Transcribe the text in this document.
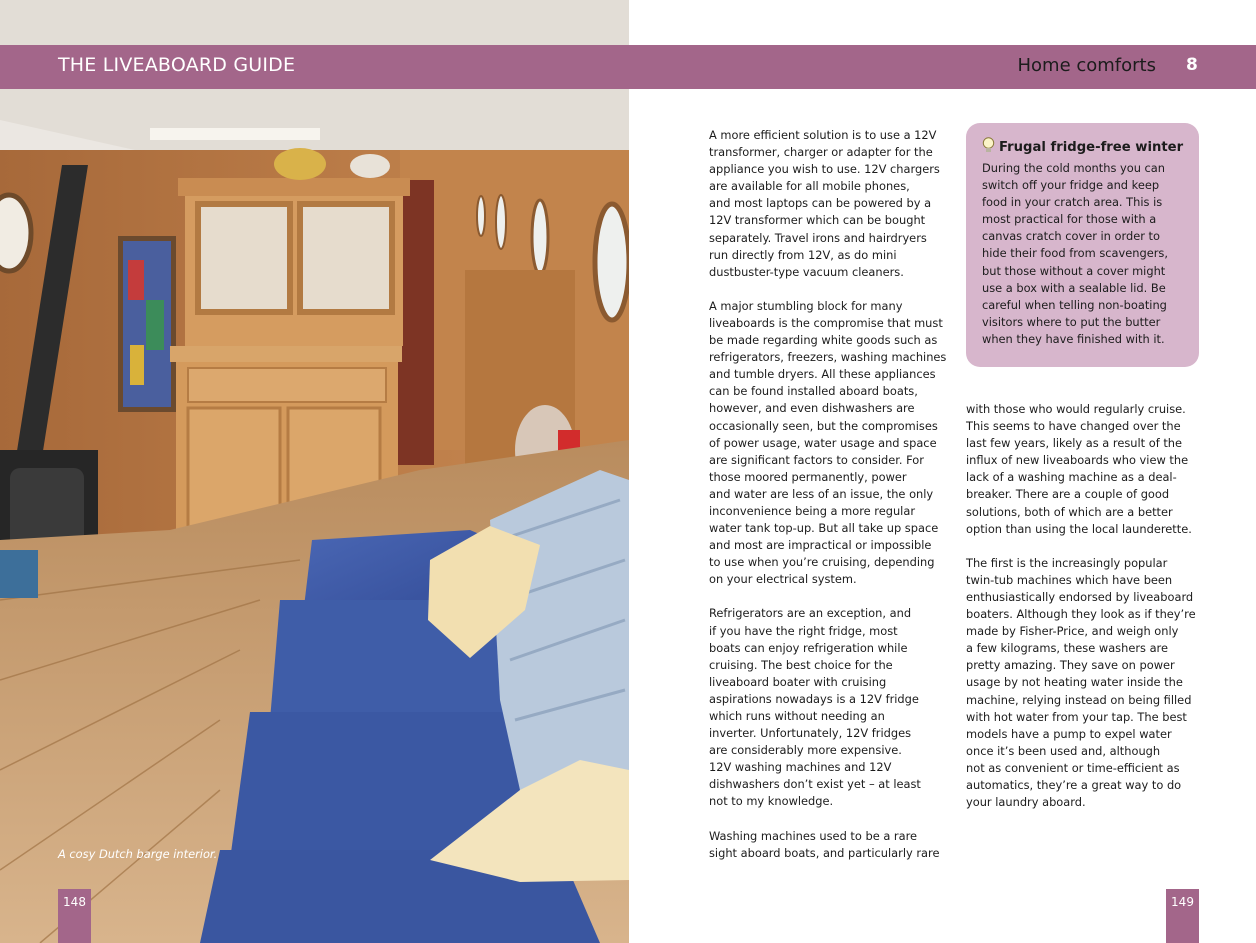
THE LIVEABOARD GUIDE	Home comforts 8
A cosy Dutch barge interior.

A more efficient solution is to use a 12V
transformer, charger or adapter for the
appliance you wish to use. 12V chargers
are available for all mobile phones,
and most laptops can be powered by a
12V transformer which can be bought
separately. Travel irons and hairdryers
run directly from 12V, as do mini
dustbuster-type vacuum cleaners.

A major stumbling block for many
liveaboards is the compromise that must
be made regarding white goods such as
refrigerators, freezers, washing machines
and tumble dryers. All these appliances
can be found installed aboard boats,
however, and even dishwashers are
occasionally seen, but the compromises
of power usage, water usage and space
are significant factors to consider. For
those moored permanently, power
and water are less of an issue, the only
inconvenience being a more regular
water tank top-up. But all take up space
and most are impractical or impossible
to use when you’re cruising, depending
on your electrical system.

Refrigerators are an exception, and
if you have the right fridge, most
boats can enjoy refrigeration while
cruising. The best choice for the
liveaboard boater with cruising
aspirations nowadays is a 12V fridge
which runs without needing an
inverter. Unfortunately, 12V fridges
are considerably more expensive.
12V washing machines and 12V
dishwashers don’t exist yet – at least
not to my knowledge.

Washing machines used to be a rare
sight aboard boats, and particularly rare

Frugal fridge-free winter
During the cold months you can
switch off your fridge and keep
food in your cratch area. This is
most practical for those with a
canvas cratch cover in order to
hide their food from scavengers,
but those without a cover might
use a box with a sealable lid. Be
careful when telling non-boating
visitors where to put the butter
when they have finished with it.

with those who would regularly cruise.
This seems to have changed over the
last few years, likely as a result of the
influx of new liveaboards who view the
lack of a washing machine as a deal-
breaker. There are a couple of good
solutions, both of which are a better
option than using the local launderette.

The first is the increasingly popular
twin-tub machines which have been
enthusiastically endorsed by liveaboard
boaters. Although they look as if they’re
made by Fisher-Price, and weigh only
a few kilograms, these washers are
pretty amazing. They save on power
usage by not heating water inside the
machine, relying instead on being filled
with hot water from your tap. The best
models have a pump to expel water
once it’s been used and, although
not as convenient or time-efficient as
automatics, they’re a great way to do
your laundry aboard.

148	149
